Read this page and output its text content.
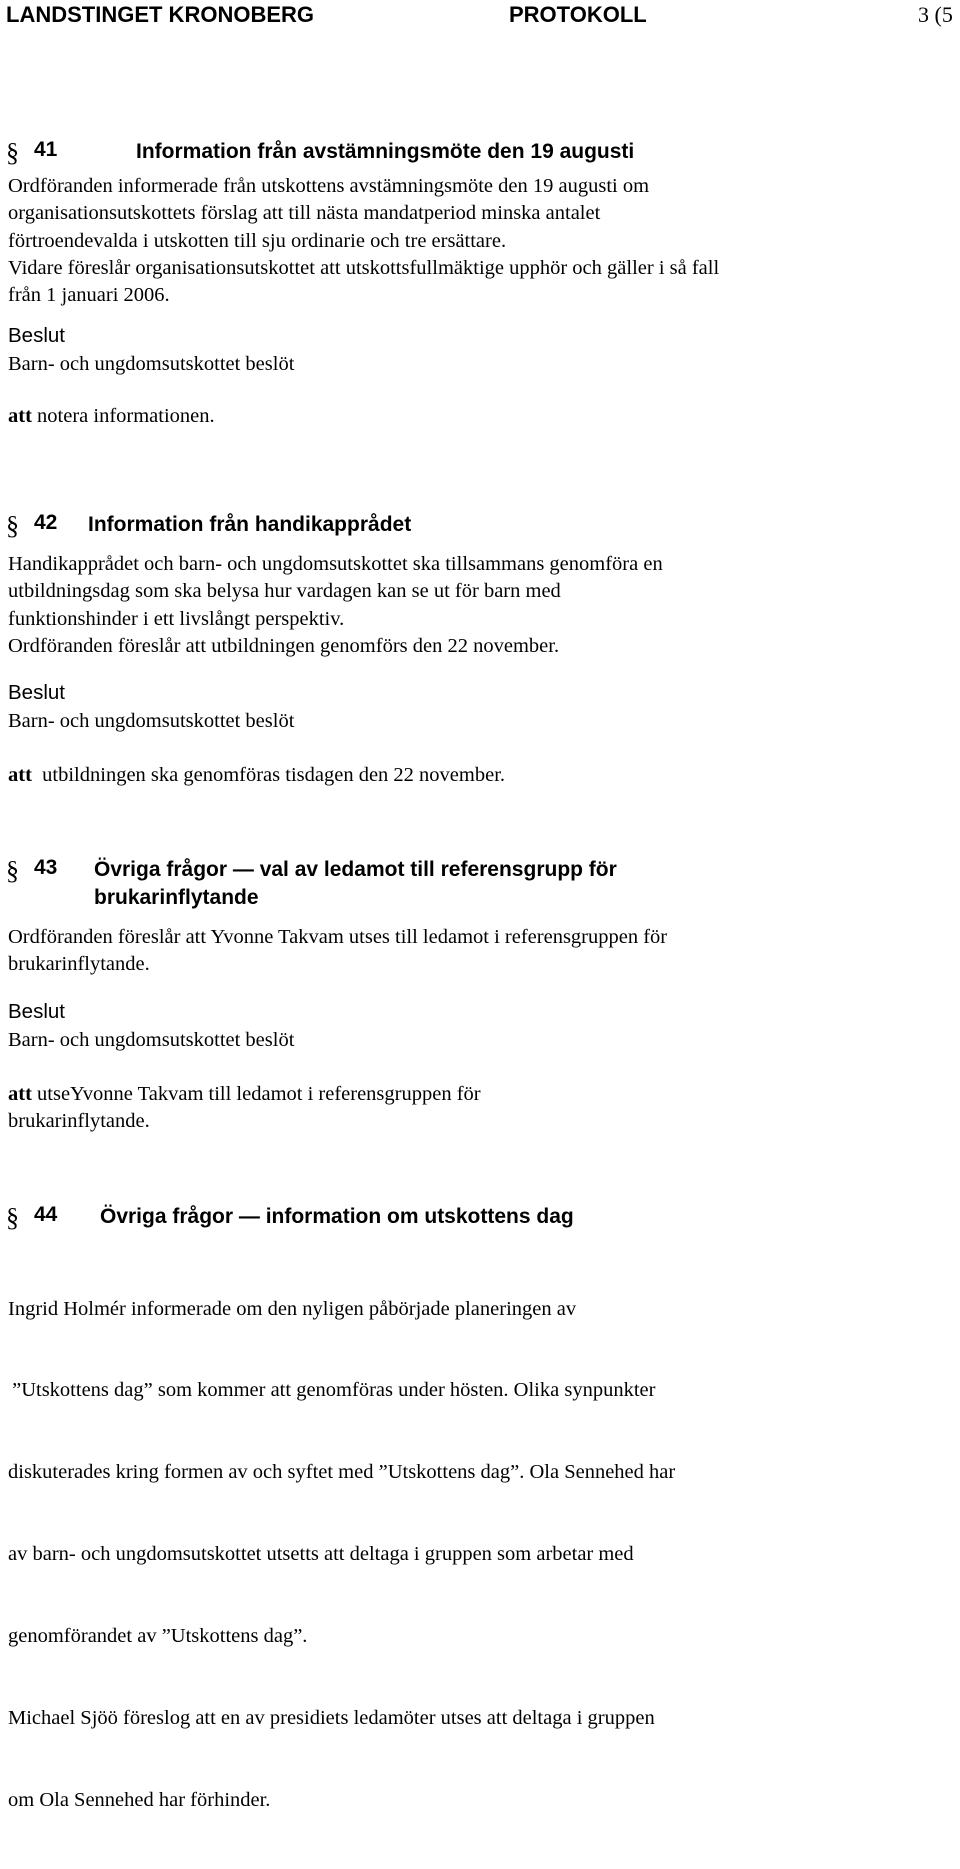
LANDSTINGET KRONOBERG	PROTOKOLL	3 (5
§ 41	Information från avstämningsmöte den 19 augusti

Ordföranden informerade från utskottens avstämningsmöte den 19 augusti om

organisationsutskottets förslag att till nästa mandatperiod minska antalet

förtroendevalda i utskotten till sju ordinarie och tre ersättare.

Vidare föreslår organisationsutskottet att utskottsfullmäktige upphör och gäller i så fall

från 1 januari 2006.

Beslut
Barn- och ungdomsutskottet beslöt
att notera informationen.
§ 42 Information från handikapprådet

Handikapprådet och barn- och ungdomsutskottet ska tillsammans genomföra en

utbildningsdag som ska belysa hur vardagen kan se ut för barn med

funktionshinder i ett livslångt perspektiv.

Ordföranden föreslår att utbildningen genomförs den 22 november.

Beslut
Barn- och ungdomsutskottet beslöt
att  utbildningen ska genomföras tisdagen den 22 november.
§ 43 Övriga frågor — val av ledamot till referensgrupp för
brukarinflytande

Ordföranden föreslår att Yvonne Takvam utses till ledamot i referensgruppen för

brukarinflytande.

Beslut
Barn- och ungdomsutskottet beslöt
att utseYvonne Takvam till ledamot i referensgruppen för
brukarinflytande.
§ 44 Övriga frågor — information om utskottens dag

Ingrid Holmér informerade om den nyligen påbörjade planeringen av

 ”Utskottens dag” som kommer att genomföras under hösten. Olika synpunkter

diskuterades kring formen av och syftet med ”Utskottens dag”. Ola Sennehed har

av barn- och ungdomsutskottet utsetts att deltaga i gruppen som arbetar med

genomförandet av ”Utskottens dag”.

Michael Sjöö föreslog att en av presidiets ledamöter utses att deltaga i gruppen

om Ola Sennehed har förhinder.
